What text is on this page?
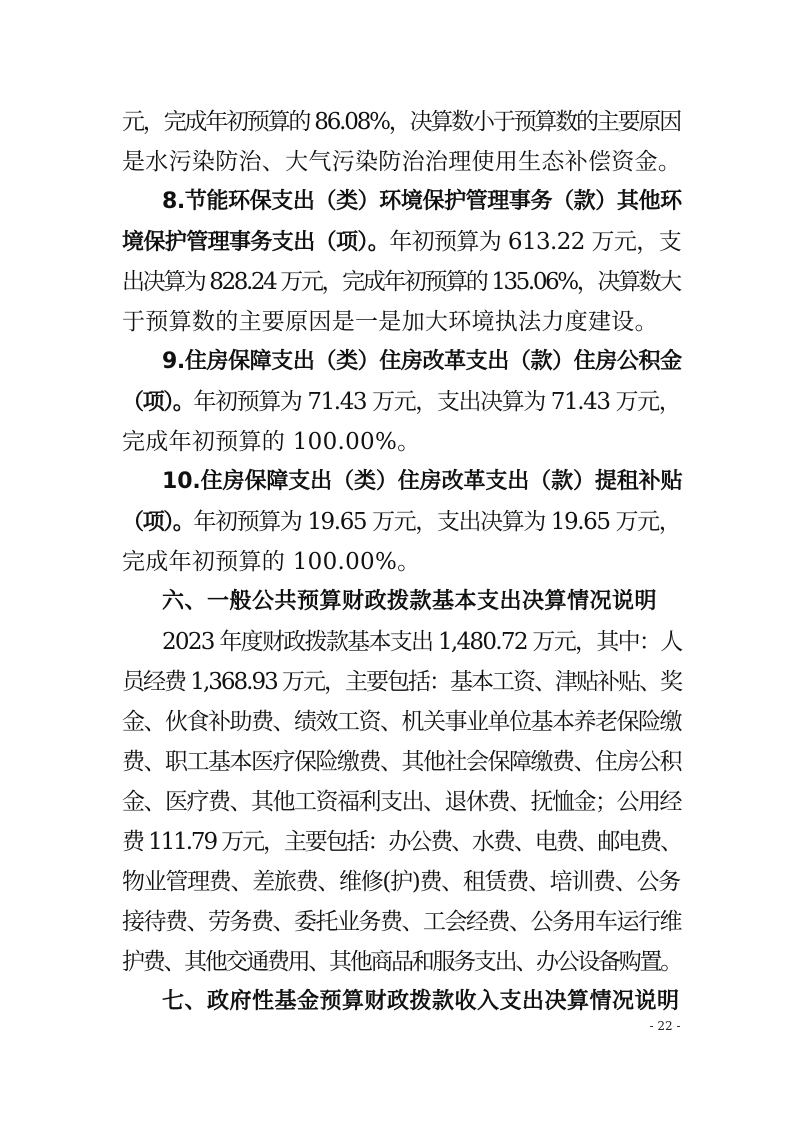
元，完成年初预算的 86.08%，决算数小于预算数的主要原因
是水污染防治、大气污染防治治理使用生态补偿资金。
8.节能环保支出（类）环境保护管理事务（款）其他环
境保护管理事务支出（项）。年初预算为 613.22 万元，支
出决算为 828.24 万元，完成年初预算的 135.06%，决算数大
于预算数的主要原因是一是加大环境执法力度建设。
9.住房保障支出（类）住房改革支出（款）住房公积金
（项）。年初预算为 71.43 万元，支出决算为 71.43 万元，
完成年初预算的 100.00%。
10.住房保障支出（类）住房改革支出（款）提租补贴
（项）。年初预算为 19.65 万元，支出决算为 19.65 万元，
完成年初预算的 100.00%。
六、一般公共预算财政拨款基本支出决算情况说明
2023 年度财政拨款基本支出 1,480.72 万元，其中：人
员经费 1,368.93 万元，主要包括：基本工资、津贴补贴、奖
金、伙食补助费、绩效工资、机关事业单位基本养老保险缴
费、职工基本医疗保险缴费、其他社会保障缴费、住房公积
金、医疗费、其他工资福利支出、退休费、抚恤金；公用经
费 111.79 万元，主要包括：办公费、水费、电费、邮电费、
物业管理费、差旅费、维修(护)费、租赁费、培训费、公务
接待费、劳务费、委托业务费、工会经费、公务用车运行维
护费、其他交通费用、其他商品和服务支出、办公设备购置。
七、政府性基金预算财政拨款收入支出决算情况说明
- 22 -
